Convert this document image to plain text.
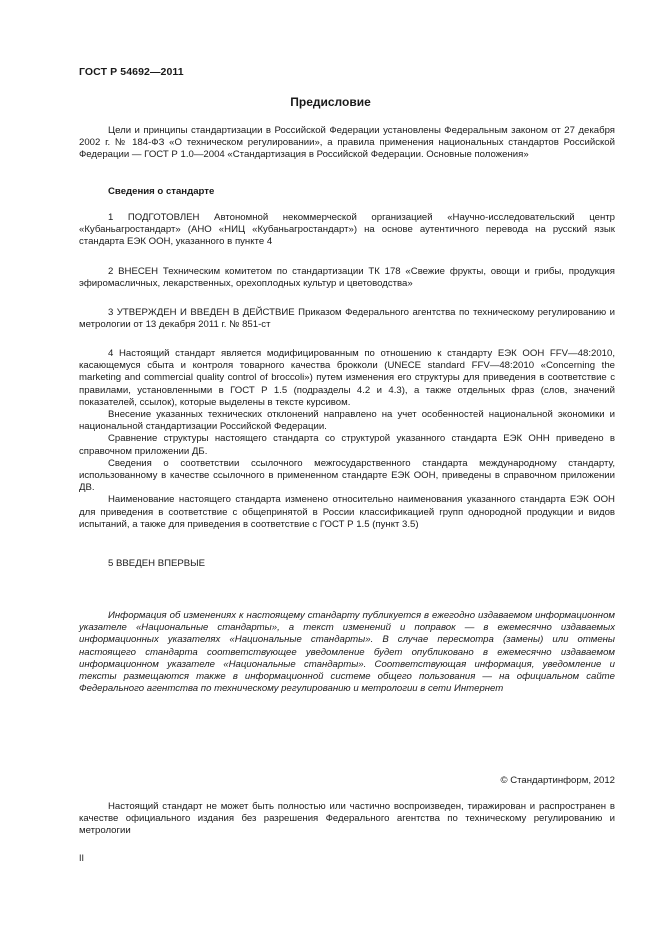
ГОСТ Р 54692—2011
Предисловие

Цели и принципы стандартизации в Российской Федерации установлены Федеральным законом от 27 декабря 2002 г. № 184-ФЗ «О техническом регулировании», а правила применения национальных стандартов Российской Федерации — ГОСТ Р 1.0—2004 «Стандартизация в Российской Федерации. Основные положения»

Сведения о стандарте

1 ПОДГОТОВЛЕН Автономной некоммерческой организацией «Научно-исследовательский центр «Кубаньагростандарт» (АНО «НИЦ «Кубаньагростандарт») на основе аутентичного перевода на русский язык стандарта ЕЭК ООН, указанного в пункте 4

2 ВНЕСЕН Техническим комитетом по стандартизации ТК 178 «Свежие фрукты, овощи и грибы, продукция эфиромасличных, лекарственных, орехоплодных культур и цветоводства»

3 УТВЕРЖДЕН И ВВЕДЕН В ДЕЙСТВИЕ Приказом Федерального агентства по техническому регулированию и метрологии от 13 декабря 2011 г. № 851-ст

4 Настоящий стандарт является модифицированным по отношению к стандарту ЕЭК ООН FFV—48:2010, касающемуся сбыта и контроля товарного качества брокколи (UNECE standard FFV—48:2010 «Concerning the marketing and commercial quality control of broccoli») путем изменения его структуры для приведения в соответствие с правилами, установленными в ГОСТ Р 1.5 (подразделы 4.2 и 4.3), а также отдельных фраз (слов, значений показателей, ссылок), которые выделены в тексте курсивом.

Внесение указанных технических отклонений направлено на учет особенностей национальной экономики и национальной стандартизации Российской Федерации.

Сравнение структуры настоящего стандарта со структурой указанного стандарта ЕЭК ОНН приведено в справочном приложении ДБ.

Сведения о соответствии ссылочного межгосударственного стандарта международному стандарту, использованному в качестве ссылочного в примененном стандарте ЕЭК ООН, приведены в справочном приложении ДВ.

Наименование настоящего стандарта изменено относительно наименования указанного стандарта ЕЭК ООН для приведения в соответствие с общепринятой в России классификацией групп однородной продукции и видов испытаний, а также для приведения в соответствие с ГОСТ Р 1.5 (пункт 3.5)

5 ВВЕДЕН ВПЕРВЫЕ

Информация об изменениях к настоящему стандарту публикуется в ежегодно издаваемом информационном указателе «Национальные стандарты», а текст изменений и поправок — в ежемесячно издаваемых информационных указателях «Национальные стандарты». В случае пересмотра (замены) или отмены настоящего стандарта соответствующее уведомление будет опубликовано в ежемесячно издаваемом информационном указателе «Национальные стандарты». Соответствующая информация, уведомление и тексты размещаются также в информационной системе общего пользования — на официальном сайте Федерального агентства по техническому регулированию и метрологии в сети Интернет

© Стандартинформ, 2012

Настоящий стандарт не может быть полностью или частично воспроизведен, тиражирован и распространен в качестве официального издания без разрешения Федерального агентства по техническому регулированию и метрологии

II
